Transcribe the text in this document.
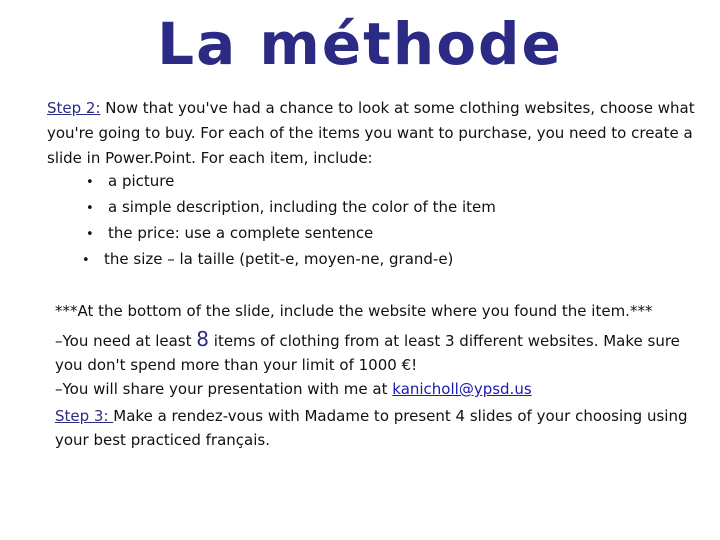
La méthode

Step 2: Now that you've had a chance to look at some clothing websites, choose what you're going to buy. For each of the items you want to purchase, you need to create a slide in Power.Point. For each item, include:

• a picture
• a simple description, including the color of the item
• the price: use a complete sentence
• the size – la taille (petit-e, moyen-ne, grand-e)

***At the bottom of the slide, include the website where you found the item.***

–You need at least 8 items of clothing from at least 3 different websites. Make sure you don't spend more than your limit of 1000 €!

–You will share your presentation with me at kanicholl@ypsd.us

Step 3: Make a rendez-vous with Madame to present 4 slides of your choosing using your best practiced français.
